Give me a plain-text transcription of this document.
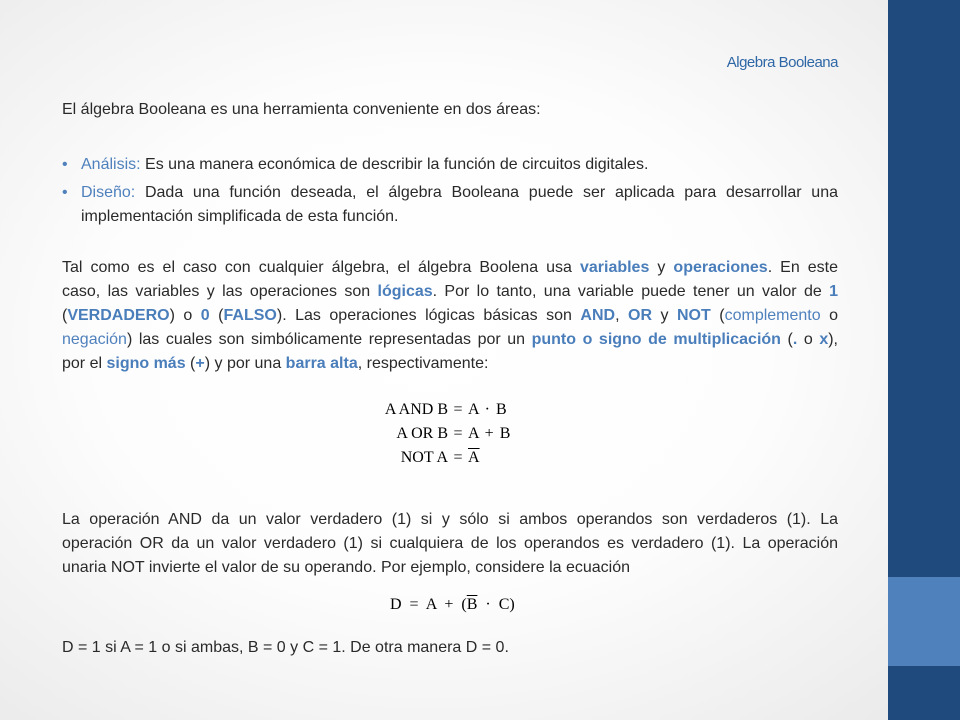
Algebra Booleana
El álgebra Booleana es una herramienta conveniente en dos áreas:
• Análisis: Es una manera económica de describir la función de circuitos digitales.
• Diseño: Dada una función deseada, el álgebra Booleana puede ser aplicada para desarrollar una
implementación simplificada de esta función.
Tal como es el caso con cualquier álgebra, el álgebra Boolena usa variables y operaciones. En este
caso, las variables y las operaciones son lógicas. Por lo tanto, una variable puede tener un valor de 1
(VERDADERO) o 0 (FALSO). Las operaciones lógicas básicas son AND, OR y NOT (complemento o
negación) las cuales son simbólicamente representadas por un punto o signo de multiplicación (. o x),
por el signo más (+) y por una barra alta, respectivamente:
A AND B = A · B
A OR B = A + B
NOT $A = \overline{A}$
La operación AND da un valor verdadero (1) si y sólo si ambos operandos son verdaderos (1). La
operación OR da un valor verdadero (1) si cualquiera de los operandos es verdadero (1). La operación
unaria NOT invierte el valor de su operando. Por ejemplo, considere la ecuación
$D = A + (\overline{B} \cdot C)$
D = 1 si A = 1 o si ambas, B = 0 y C = 1. De otra manera D = 0.
